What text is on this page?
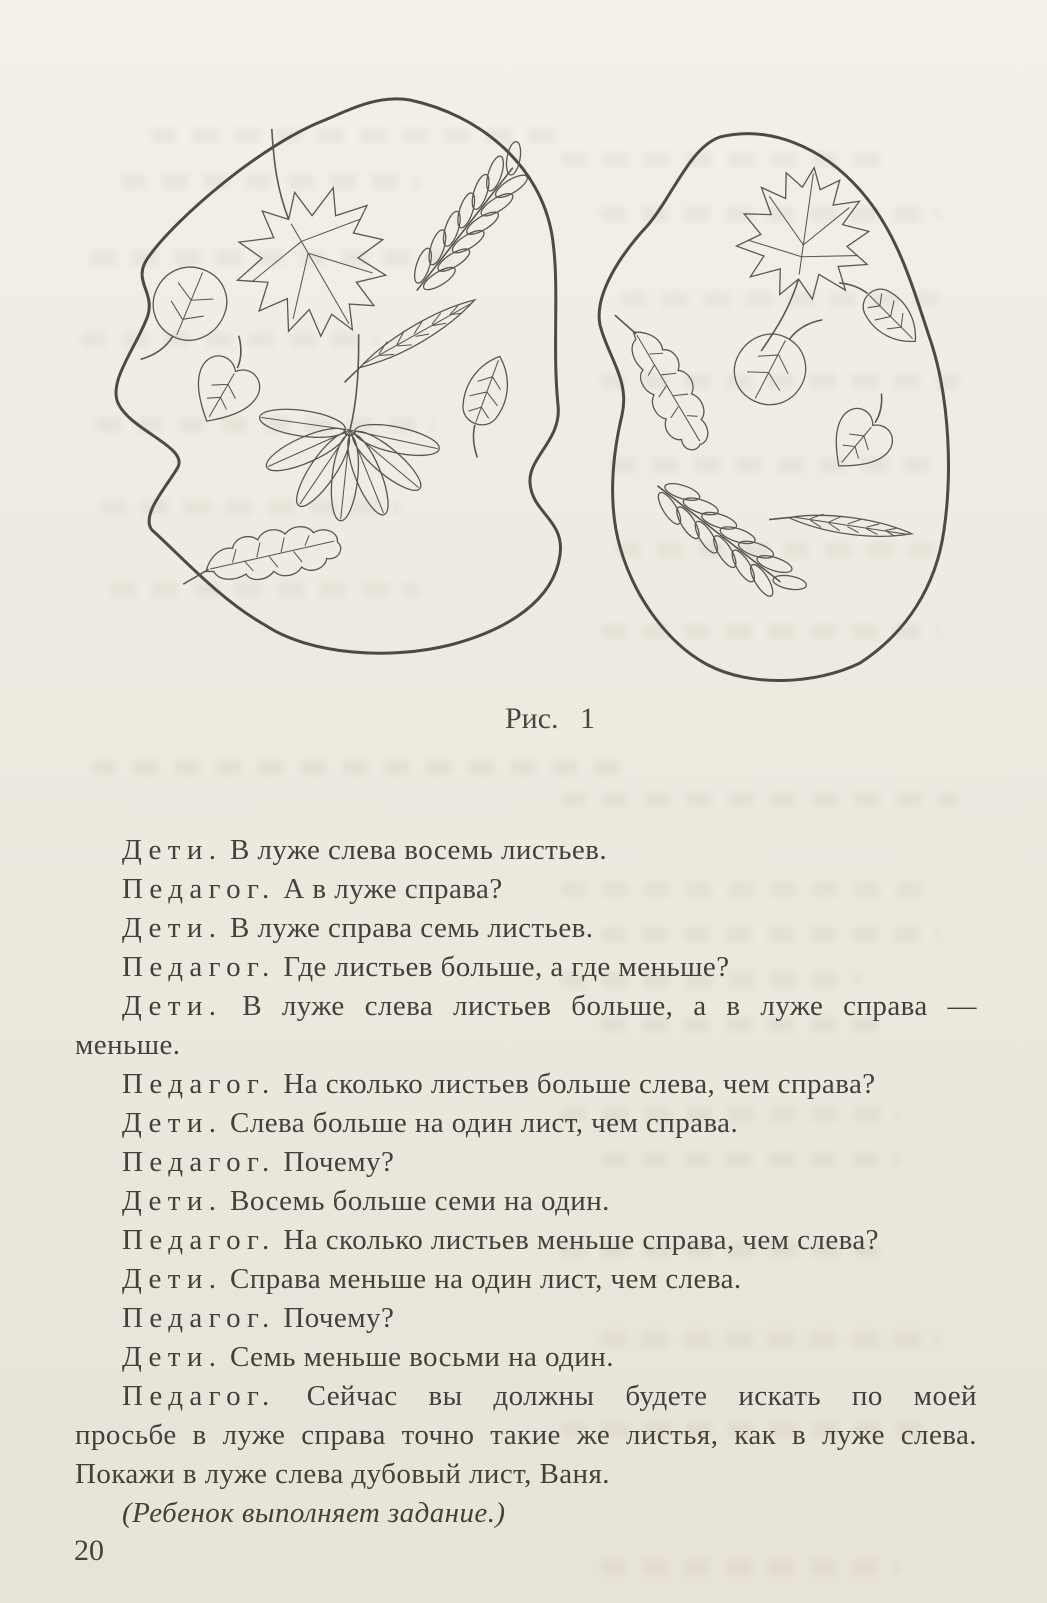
Рис. 1
Дети. В луже слева восемь листьев.
Педагог. А в луже справа?
Дети. В луже справа семь листьев.
Педагог. Где листьев больше, а где меньше?
Дети. В луже слева листьев больше, а в луже справа —
меньше.
Педагог. На сколько листьев больше слева, чем справа?
Дети. Слева больше на один лист, чем справа.
Педагог. Почему?
Дети. Восемь больше семи на один.
Педагог. На сколько листьев меньше справа, чем слева?
Дети. Справа меньше на один лист, чем слева.
Педагог. Почему?
Дети. Семь меньше восьми на один.
Педагог. Сейчас вы должны будете искать по моей
просьбе в луже справа точно такие же листья, как в луже слева.
Покажи в луже слева дубовый лист, Ваня.
(Ребенок выполняет задание.)
20
